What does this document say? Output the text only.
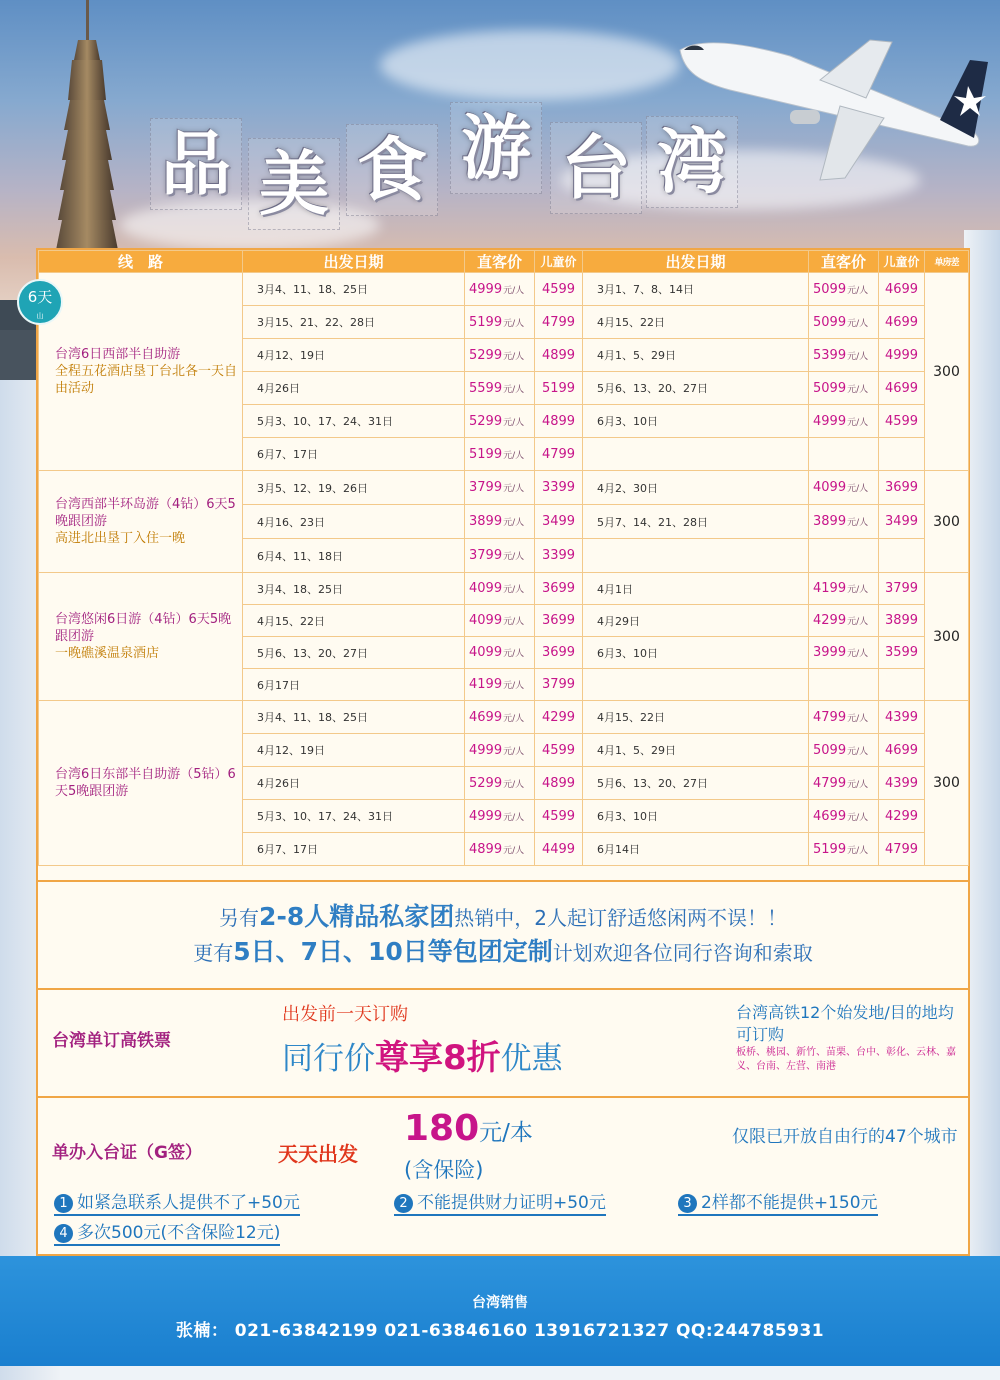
品 美 食 游 台 湾
线　路	出发日期	直客价	儿童价	出发日期	直客价	儿童价	单房差

6天
山
台湾6日西部半自助游
全程五花酒店垦丁台北各一天自由活动	3月4、11、18、25日	4999元/人	4599	3月1、7、8、14日	5099元/人	4699	300
	3月15、21、22、28日	5199元/人	4799	4月15、22日	5099元/人	4699	
	4月12、19日	5299元/人	4899	4月1、5、29日	5399元/人	4999	
	4月26日	5599元/人	5199	5月6、13、20、27日	5099元/人	4699	
	5月3、10、17、24、31日	5299元/人	4899	6月3、10日	4999元/人	4599	
	6月7、17日	5199元/人	4799				

台湾西部半环岛游（4钻）6天5晚跟团游
高进北出垦丁入住一晚	3月5、12、19、26日	3799元/人	3399	4月2、30日	4099元/人	3699	300
	4月16、23日	3899元/人	3499	5月7、14、21、28日	3899元/人	3499	
	6月4、11、18日	3799元/人	3399				

台湾悠闲6日游（4钻）6天5晚跟团游
一晚礁溪温泉酒店	3月4、18、25日	4099元/人	3699	4月1日	4199元/人	3799	300
	4月15、22日	4099元/人	3699	4月29日	4299元/人	3899	
	5月6、13、20、27日	4099元/人	3699	6月3、10日	3999元/人	3599	
	6月17日	4199元/人	3799				

台湾6日东部半自助游（5钻）6天5晚跟团游	3月4、11、18、25日	4699元/人	4299	4月15、22日	4799元/人	4399	300
	4月12、19日	4999元/人	4599	4月1、5、29日	5099元/人	4699	
	4月26日	5299元/人	4899	5月6、13、20、27日	4799元/人	4399	
	5月3、10、17、24、31日	4999元/人	4599	6月3、10日	4699元/人	4299	
	6月7、17日	4899元/人	4499	6月14日	5199元/人	4799	
另有2-8人精品私家团热销中，2人起订舒适悠闲两不误！！
更有5日、7日、10日等包团定制计划欢迎各位同行咨询和索取
台湾单订高铁票
出发前一天订购
同行价尊享8折优惠
台湾高铁12个始发地/目的地均可订购
板桥、桃园、新竹、苗栗、台中、彰化、云林、嘉义、台南、左营、南港
单办入台证（G签）	天天出发
180元/本
(含保险)
仅限已开放自由行的47个城市
1 如紧急联系人提供不了+50元	2 不能提供财力证明+50元	3 2样都不能提供+150元
4 多次500元(不含保险12元)
台湾销售
张楠： 021-63842199 021-63846160 13916721327 QQ:244785931
